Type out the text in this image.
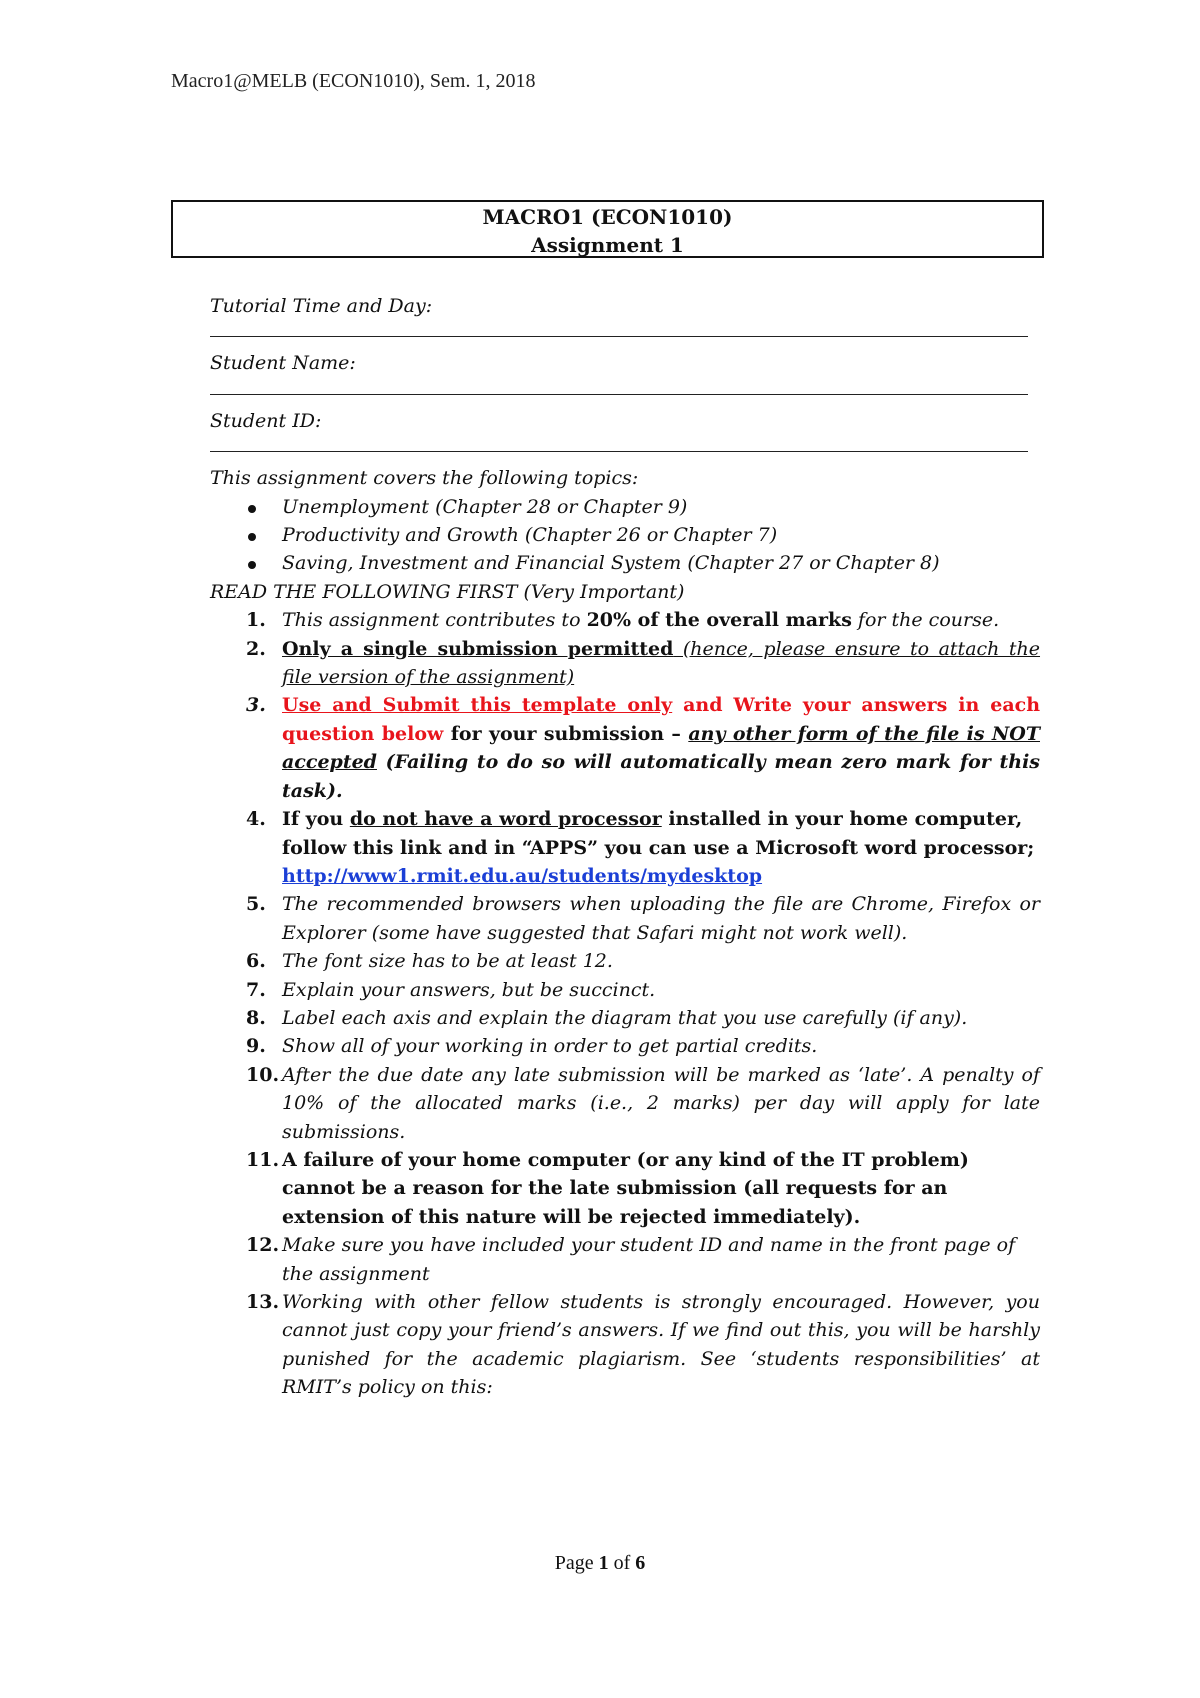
Macro1@MELB (ECON1010), Sem. 1, 2018
MACRO1 (ECON1010)
Assignment 1

Tutorial Time and Day:

Student Name:

Student ID:

This assignment covers the following topics:

Unemployment (Chapter 28 or Chapter 9)
Productivity and Growth (Chapter 26 or Chapter 7)
Saving, Investment and Financial System (Chapter 27 or Chapter 8)

READ THE FOLLOWING FIRST (Very Important)

1. This assignment contributes to 20% of the overall marks for the course.
2. Only a single submission permitted (hence, please ensure to attach the file version of the assignment)
3. Use and Submit this template only and Write your answers in each question below for your submission – any other form of the file is NOT accepted (Failing to do so will automatically mean zero mark for this task).
4. If you do not have a word processor installed in your home computer, follow this link and in “APPS” you can use a Microsoft word processor; http://www1.rmit.edu.au/students/mydesktop
5. The recommended browsers when uploading the file are Chrome, Firefox or Explorer (some have suggested that Safari might not work well).
6. The font size has to be at least 12.
7. Explain your answers, but be succinct.
8. Label each axis and explain the diagram that you use carefully (if any).
9. Show all of your working in order to get partial credits.
10. After the due date any late submission will be marked as ‘late’. A penalty of 10% of the allocated marks (i.e., 2 marks) per day will apply for late submissions.
11. A failure of your home computer (or any kind of the IT problem) cannot be a reason for the late submission (all requests for an extension of this nature will be rejected immediately).
12. Make sure you have included your student ID and name in the front page of the assignment
13. Working with other fellow students is strongly encouraged. However, you cannot just copy your friend’s answers. If we find out this, you will be harshly punished for the academic plagiarism. See ‘students responsibilities’ at RMIT’s policy on this:
Page 1 of 6
